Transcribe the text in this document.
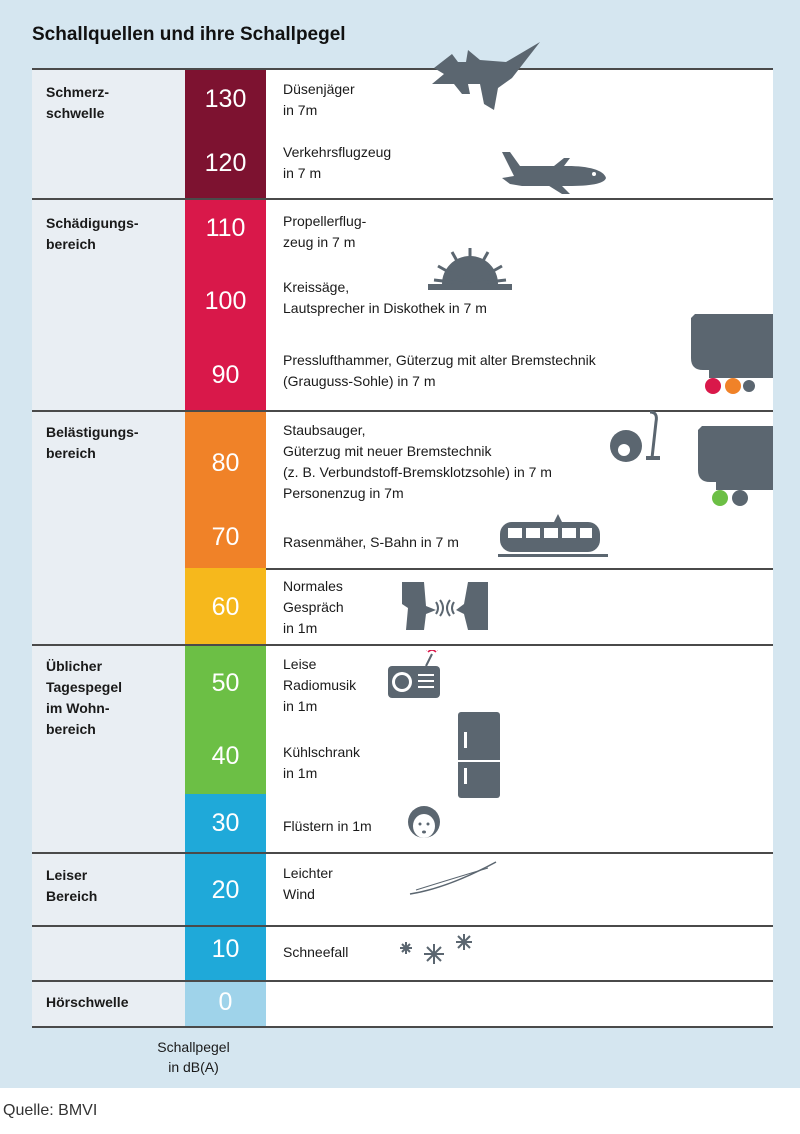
Schallquellen und ihre Schallpegel
Schmerz-
schwelle
Schädigungs-
bereich
Belästigungs-
bereich
Üblicher
Tagespegel
im Wohn-
bereich
Leiser
Bereich
Hörschwelle
130
120
110
100
90
80
70
60
50
40
30
20
10
0
Düsenjäger
in 7m
Verkehrsflugzeug
in 7 m
Propellerflug-
zeug in 7 m
Kreissäge,
Lautsprecher in Diskothek in 7 m
Presslufthammer, Güterzug mit alter Bremstechnik
(Grauguss-Sohle) in 7 m
Staubsauger,
Güterzug mit neuer Bremstechnik
(z. B. Verbundstoff-Bremsklotzsohle) in 7 m
Personenzug in 7m
Rasenmäher, S-Bahn in 7 m
Normales
Gespräch
in 1m
Leise
Radiomusik
in 1m
Kühlschrank
in 1m
Flüstern in 1m
Leichter
Wind
Schneefall
Schallpegel
in dB(A)
Quelle: BMVI
